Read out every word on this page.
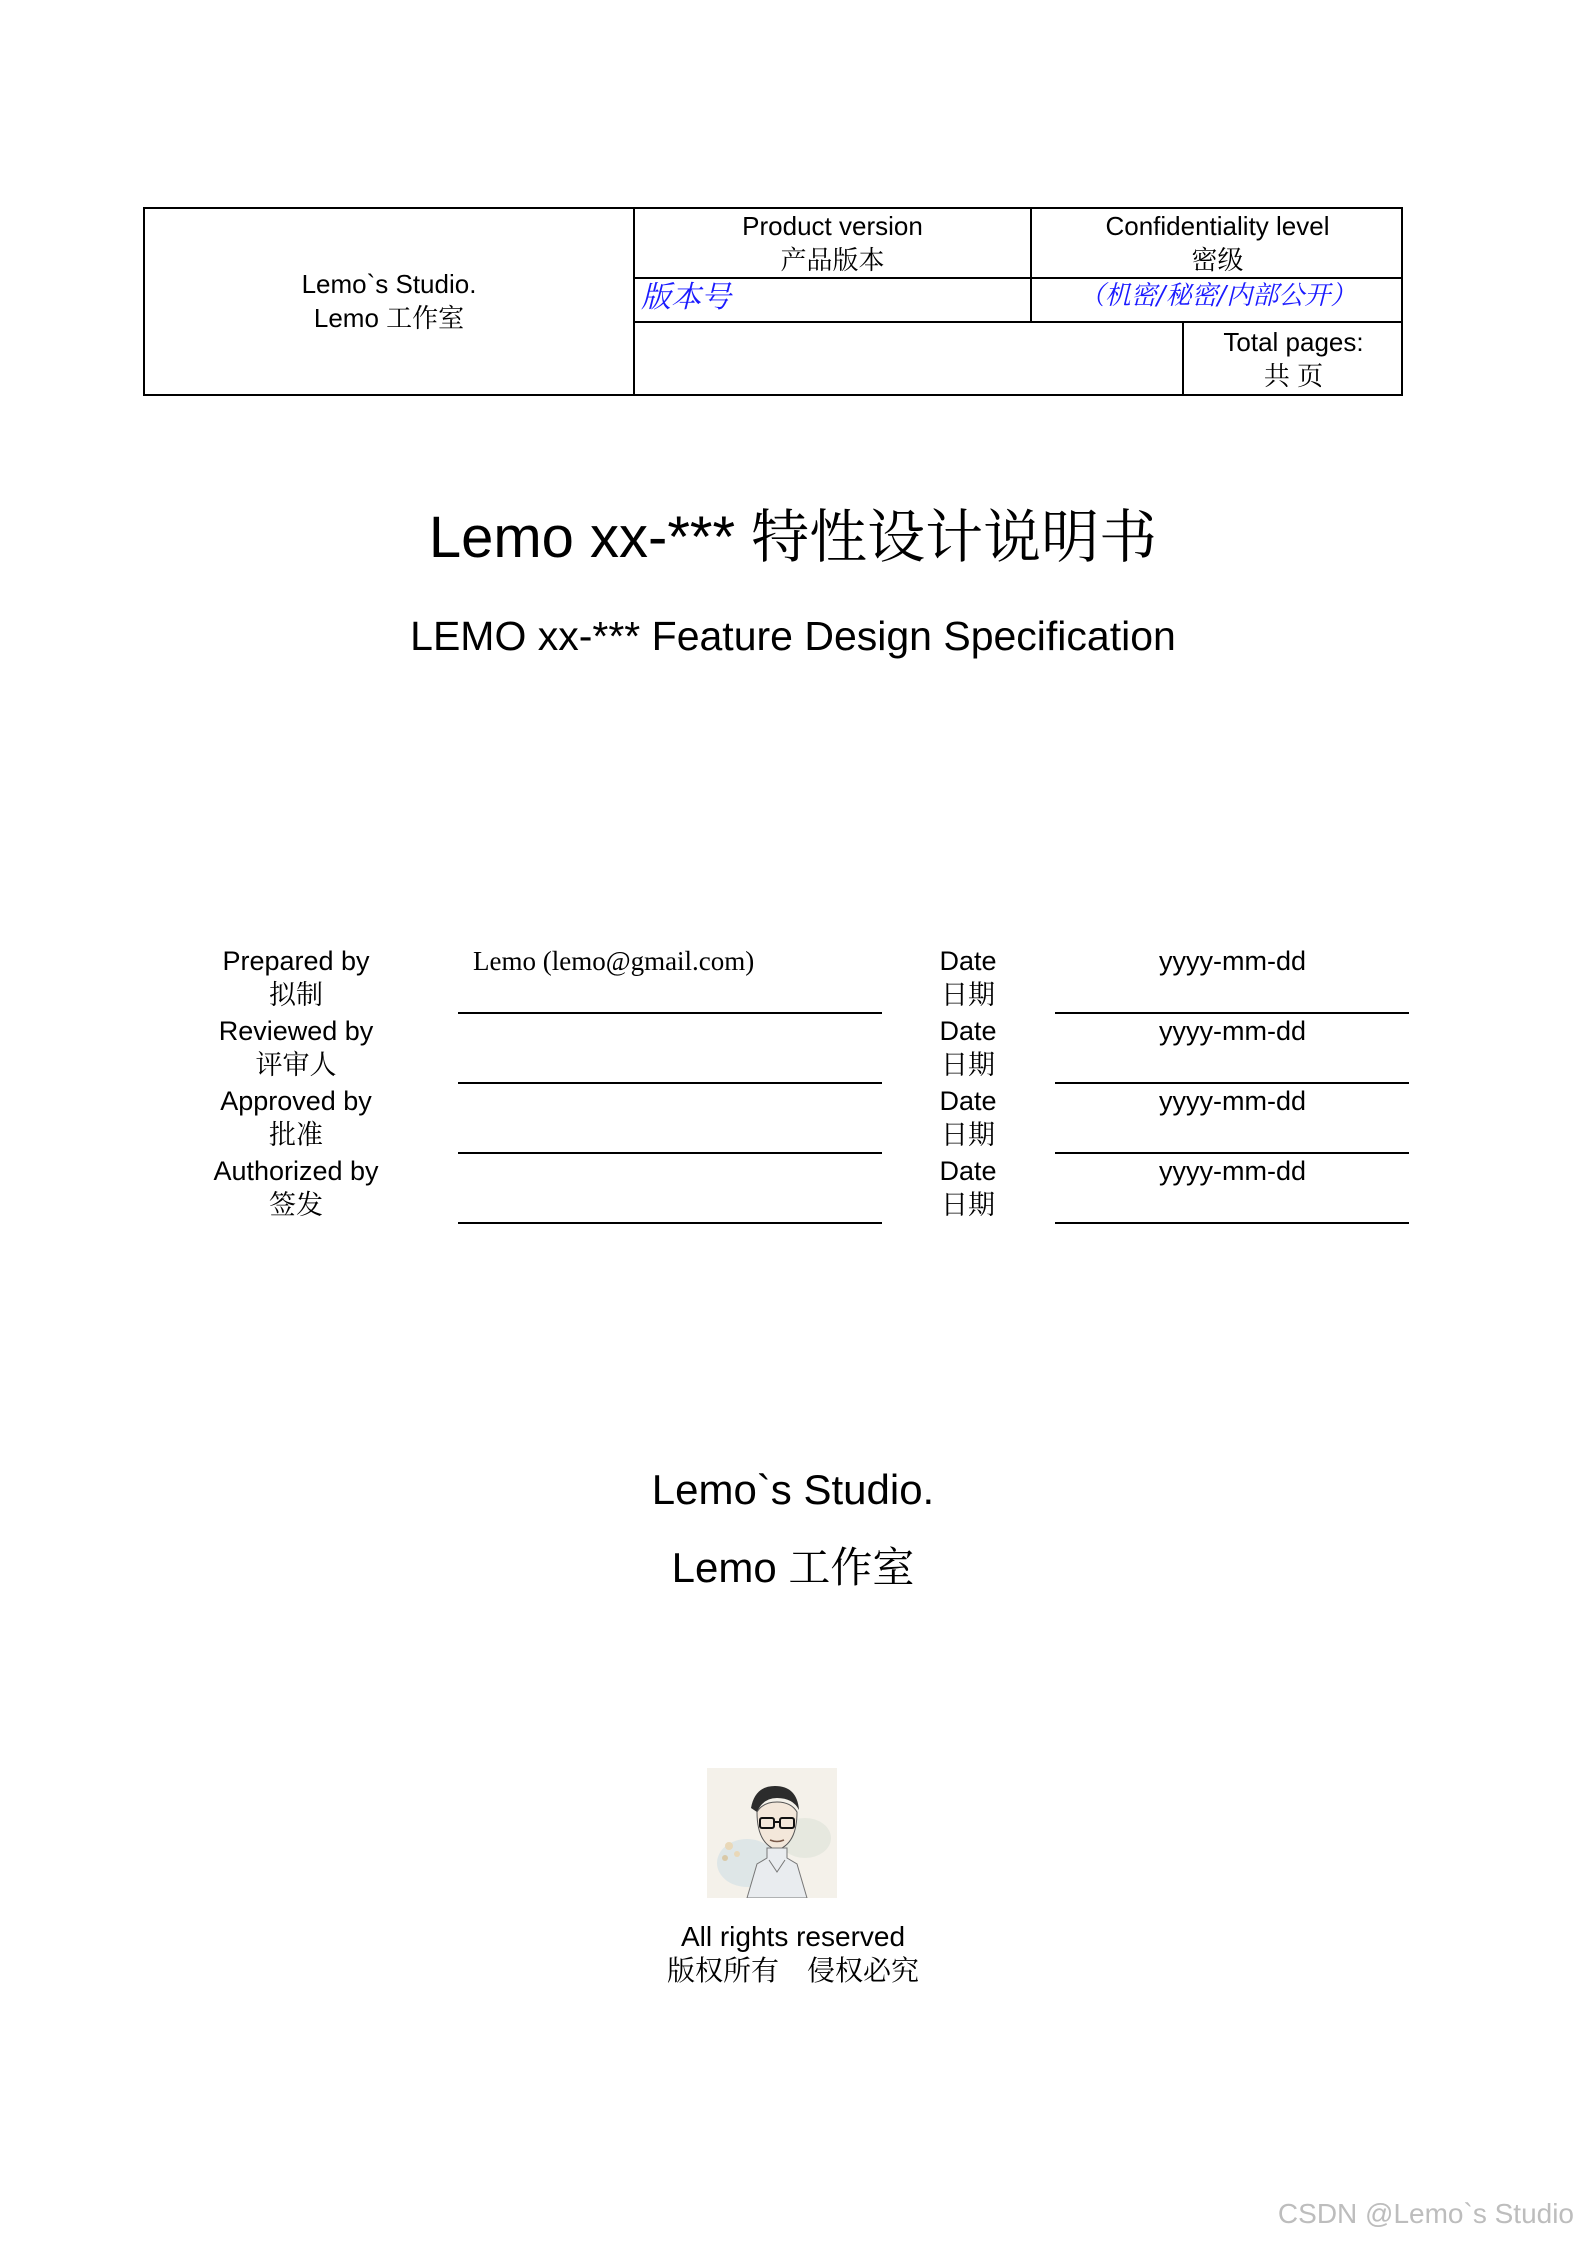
Lemo`s Studio.
Lemo 工作室
Product version
产品版本
Confidentiality level
密级
版本号	（机密/秘密/内部公开）
Total pages:
共 页
Lemo xx-*** 特性设计说明书
LEMO xx-*** Feature Design Specification
Prepared by
拟制
Lemo (lemo@gmail.com)	Date
日期
yyyy-mm-dd
Reviewed by
评审人
Date
日期
yyyy-mm-dd
Approved by
批准
Date
日期
yyyy-mm-dd
Authorized by
签发
Date
日期
yyyy-mm-dd
Lemo`s Studio.
Lemo 工作室
All rights reserved
版权所有　侵权必究
CSDN @Lemo`s Studio
